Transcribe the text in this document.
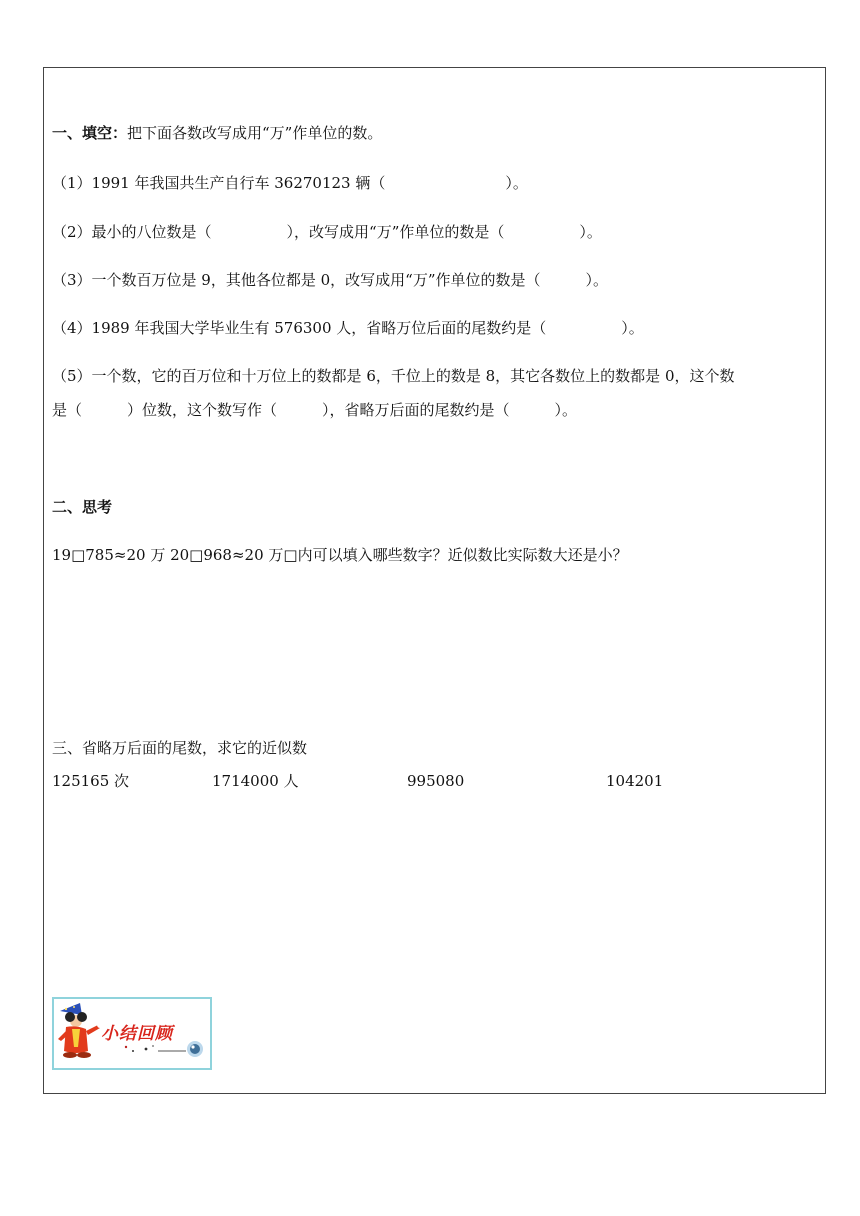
一、填空：把下面各数改写成用“万”作单位的数。
（1）1991 年我国共生产自行车 36270123 辆（　　　　　　　　）。
（2）最小的八位数是（　　　　　），改写成用“万”作单位的数是（　　　　　）。
（3）一个数百万位是 9，其他各位都是 0，改写成用“万”作单位的数是（　　　）。
（4）1989 年我国大学毕业生有 576300 人，省略万位后面的尾数约是（　　　　　）。
（5）一个数，它的百万位和十万位上的数都是 6，千位上的数是 8，其它各数位上的数都是 0，这个数
是（　　　）位数，这个数写作（　　　），省略万后面的尾数约是（　　　）。
二、思考
19□785≈20 万 20□968≈20 万□内可以填入哪些数字？近似数比实际数大还是小？
三、省略万后面的尾数，求它的近似数
125165 次	1714000 人	995080	104201
小结回顾
